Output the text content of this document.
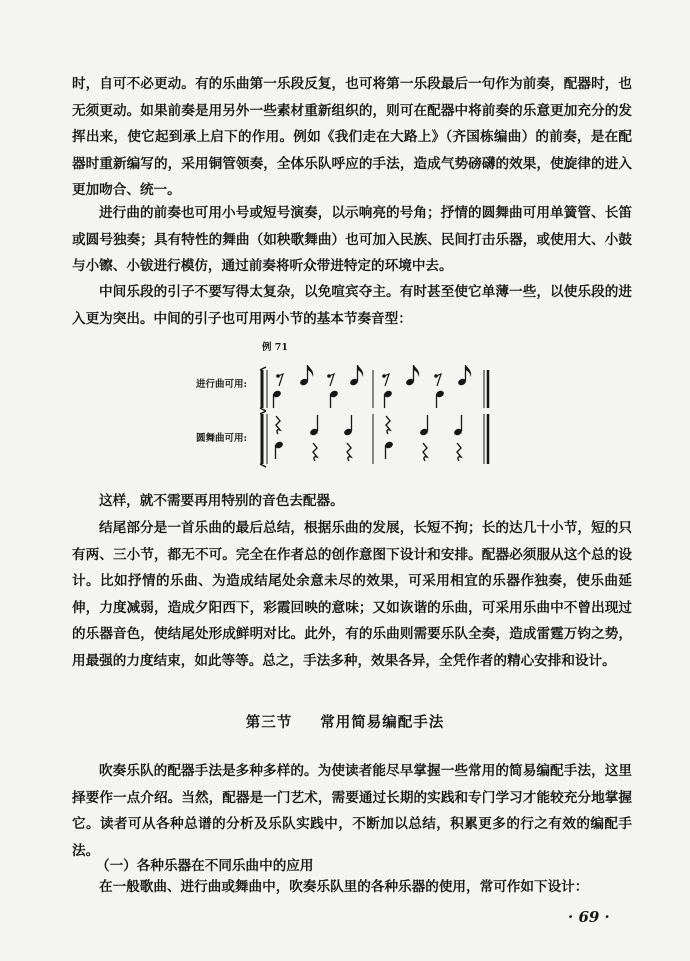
时，自可不必更动。有的乐曲第一乐段反复，也可将第一乐段最后一句作为前奏，配器时，也无须更动。如果前奏是用另外一些素材重新组织的，则可在配器中将前奏的乐意更加充分的发挥出来，使它起到承上启下的作用。例如《我们走在大路上》（齐国栋编曲）的前奏，是在配器时重新编写的，采用铜管领奏，全体乐队呼应的手法，造成气势磅礴的效果，使旋律的进入更加吻合、统一。

进行曲的前奏也可用小号或短号演奏，以示响亮的号角；抒情的圆舞曲可用单簧管、长笛或圆号独奏；具有特性的舞曲（如秧歌舞曲）也可加入民族、民间打击乐器，或使用大、小鼓与小镲、小钹进行模仿，通过前奏将听众带进特定的环境中去。

中间乐段的引子不要写得太复杂，以免喧宾夺主。有时甚至使它单薄一些，以使乐段的进入更为突出。中间的引子也可用两小节的基本节奏音型：

例 71
进行曲可用:
圆舞曲可用:

这样，就不需要再用特别的音色去配器。

结尾部分是一首乐曲的最后总结，根据乐曲的发展，长短不拘；长的达几十小节，短的只有两、三小节，都无不可。完全在作者总的创作意图下设计和安排。配器必须服从这个总的设计。比如抒情的乐曲、为造成结尾处余意未尽的效果，可采用相宜的乐器作独奏，使乐曲延伸，力度减弱，造成夕阳西下，彩霞回映的意味；又如诙谐的乐曲，可采用乐曲中不曾出现过的乐器音色，使结尾处形成鲜明对比。此外，有的乐曲则需要乐队全奏，造成雷霆万钧之势，用最强的力度结束，如此等等。总之，手法多种，效果各异，全凭作者的精心安排和设计。

第三节 常用简易编配手法

吹奏乐队的配器手法是多种多样的。为使读者能尽早掌握一些常用的简易编配手法，这里择要作一点介绍。当然，配器是一门艺术，需要通过长期的实践和专门学习才能较充分地掌握它。读者可从各种总谱的分析及乐队实践中，不断加以总结，积累更多的行之有效的编配手法。

（一）各种乐器在不同乐曲中的应用

在一般歌曲、进行曲或舞曲中，吹奏乐队里的各种乐器的使用，常可作如下设计：

· 69 ·
